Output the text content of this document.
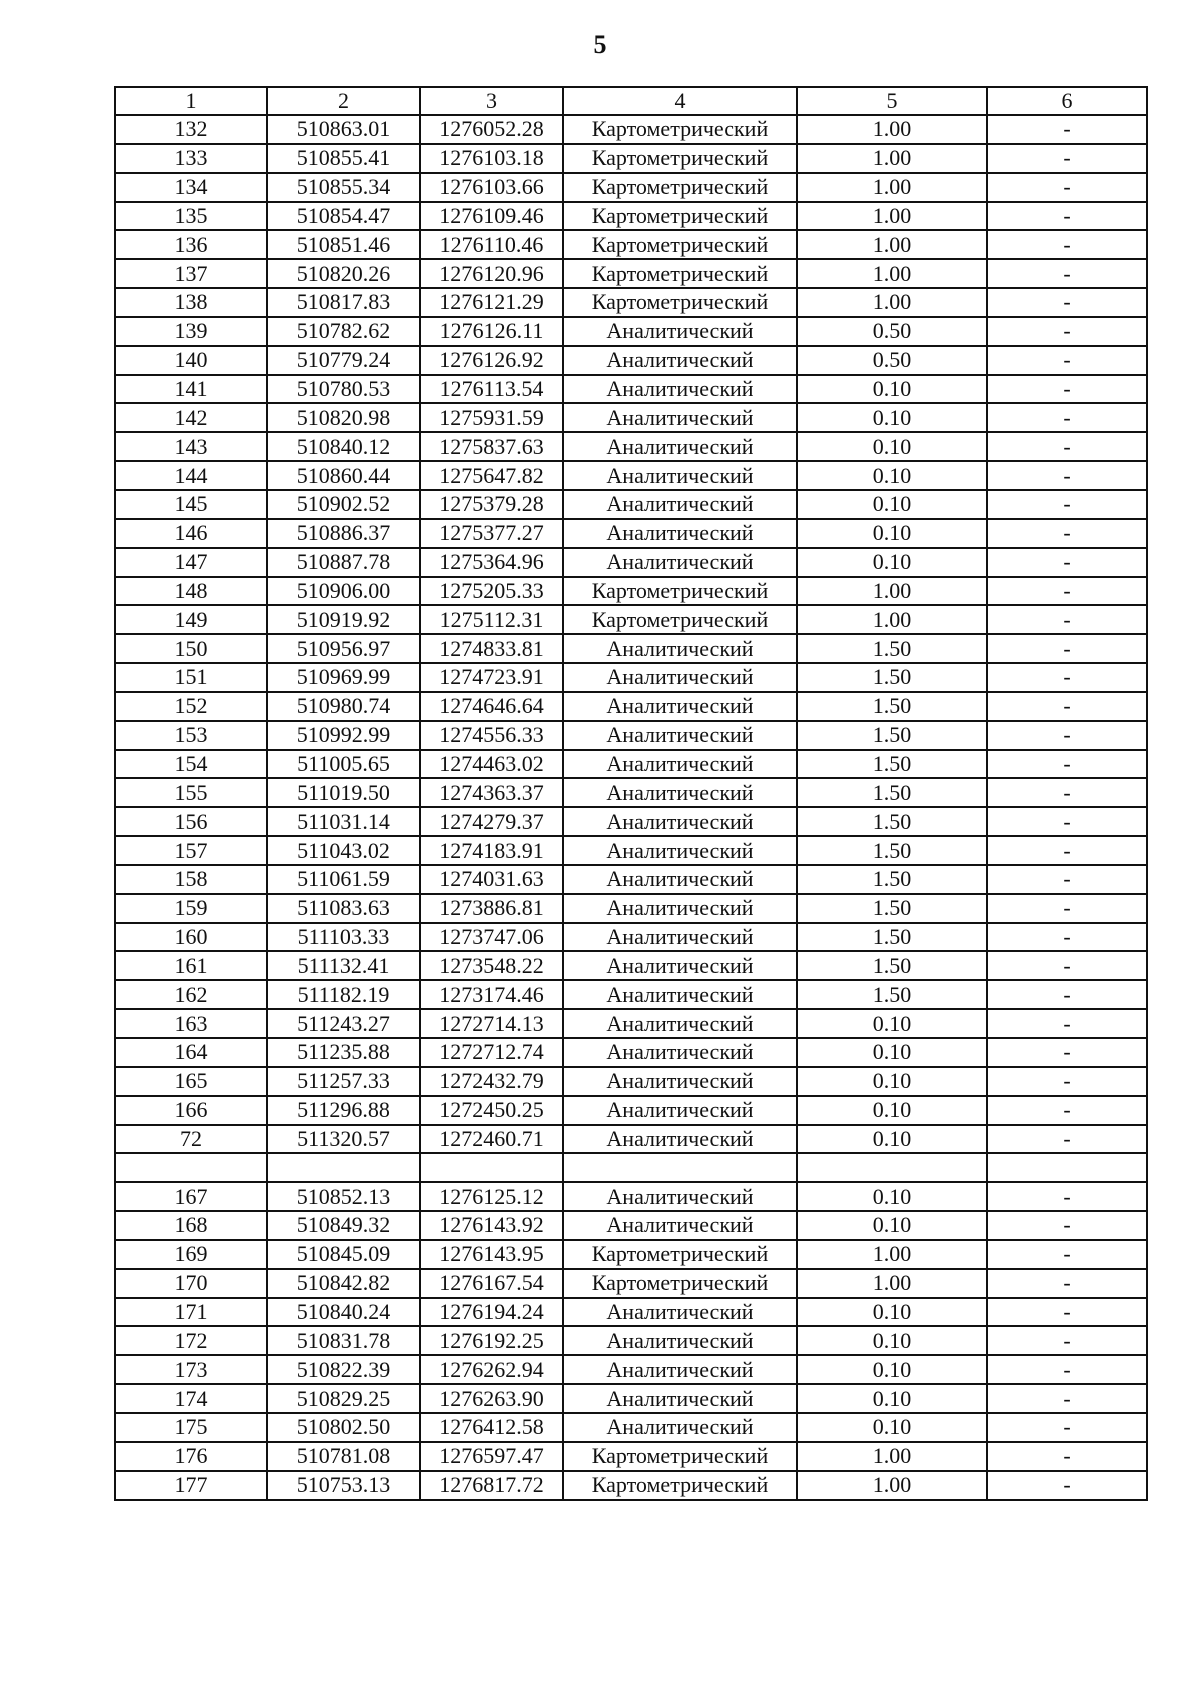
5
1	2	3	4	5	6
132	510863.01	1276052.28	Картометрический	1.00	-
133	510855.41	1276103.18	Картометрический	1.00	-
134	510855.34	1276103.66	Картометрический	1.00	-
135	510854.47	1276109.46	Картометрический	1.00	-
136	510851.46	1276110.46	Картометрический	1.00	-
137	510820.26	1276120.96	Картометрический	1.00	-
138	510817.83	1276121.29	Картометрический	1.00	-
139	510782.62	1276126.11	Аналитический	0.50	-
140	510779.24	1276126.92	Аналитический	0.50	-
141	510780.53	1276113.54	Аналитический	0.10	-
142	510820.98	1275931.59	Аналитический	0.10	-
143	510840.12	1275837.63	Аналитический	0.10	-
144	510860.44	1275647.82	Аналитический	0.10	-
145	510902.52	1275379.28	Аналитический	0.10	-
146	510886.37	1275377.27	Аналитический	0.10	-
147	510887.78	1275364.96	Аналитический	0.10	-
148	510906.00	1275205.33	Картометрический	1.00	-
149	510919.92	1275112.31	Картометрический	1.00	-
150	510956.97	1274833.81	Аналитический	1.50	-
151	510969.99	1274723.91	Аналитический	1.50	-
152	510980.74	1274646.64	Аналитический	1.50	-
153	510992.99	1274556.33	Аналитический	1.50	-
154	511005.65	1274463.02	Аналитический	1.50	-
155	511019.50	1274363.37	Аналитический	1.50	-
156	511031.14	1274279.37	Аналитический	1.50	-
157	511043.02	1274183.91	Аналитический	1.50	-
158	511061.59	1274031.63	Аналитический	1.50	-
159	511083.63	1273886.81	Аналитический	1.50	-
160	511103.33	1273747.06	Аналитический	1.50	-
161	511132.41	1273548.22	Аналитический	1.50	-
162	511182.19	1273174.46	Аналитический	1.50	-
163	511243.27	1272714.13	Аналитический	0.10	-
164	511235.88	1272712.74	Аналитический	0.10	-
165	511257.33	1272432.79	Аналитический	0.10	-
166	511296.88	1272450.25	Аналитический	0.10	-
72	511320.57	1272460.71	Аналитический	0.10	-

167	510852.13	1276125.12	Аналитический	0.10	-
168	510849.32	1276143.92	Аналитический	0.10	-
169	510845.09	1276143.95	Картометрический	1.00	-
170	510842.82	1276167.54	Картометрический	1.00	-
171	510840.24	1276194.24	Аналитический	0.10	-
172	510831.78	1276192.25	Аналитический	0.10	-
173	510822.39	1276262.94	Аналитический	0.10	-
174	510829.25	1276263.90	Аналитический	0.10	-
175	510802.50	1276412.58	Аналитический	0.10	-
176	510781.08	1276597.47	Картометрический	1.00	-
177	510753.13	1276817.72	Картометрический	1.00	-
